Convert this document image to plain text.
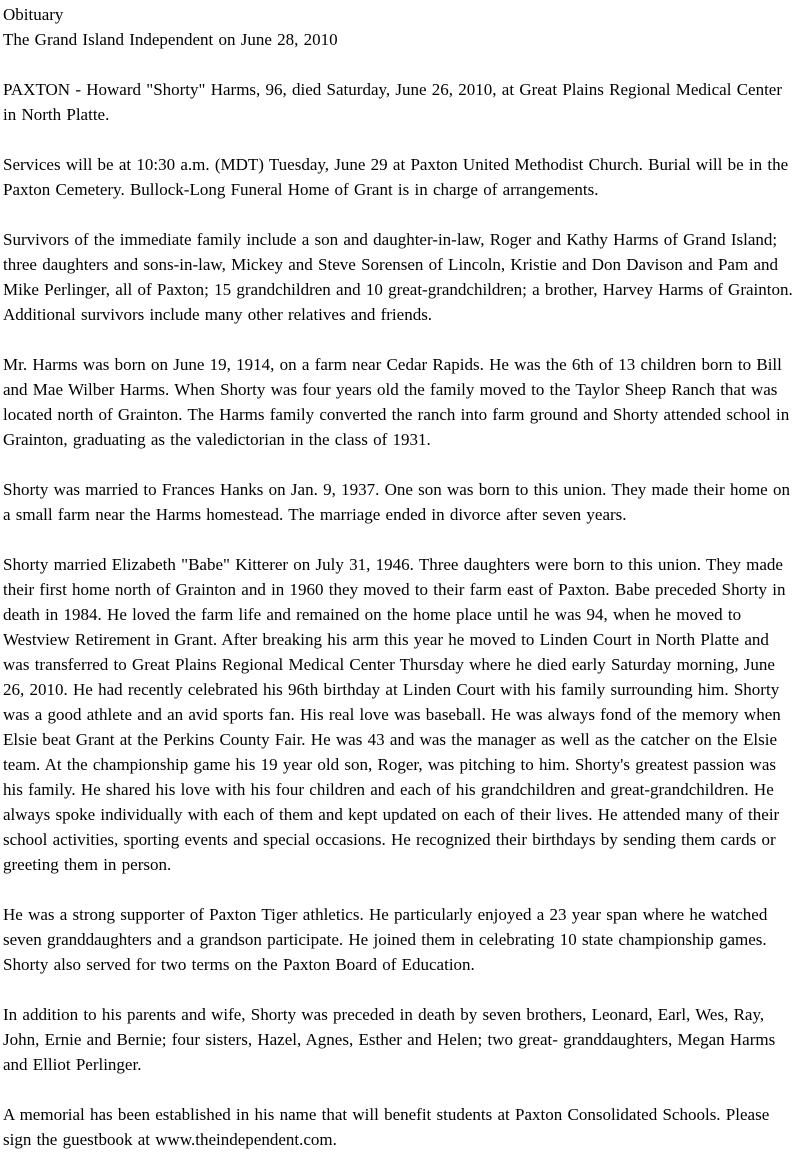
Obituary
The Grand Island Independent on June 28, 2010

PAXTON - Howard "Shorty" Harms, 96, died Saturday, June 26, 2010, at Great Plains Regional Medical Center in North Platte.

Services will be at 10:30 a.m. (MDT) Tuesday, June 29 at Paxton United Methodist Church. Burial will be in the Paxton Cemetery. Bullock-Long Funeral Home of Grant is in charge of arrangements.

Survivors of the immediate family include a son and daughter-in-law, Roger and Kathy Harms of Grand Island; three daughters and sons-in-law, Mickey and Steve Sorensen of Lincoln, Kristie and Don Davison and Pam and Mike Perlinger, all of Paxton; 15 grandchildren and 10 great-grandchildren; a brother, Harvey Harms of Grainton. Additional survivors include many other relatives and friends.

Mr. Harms was born on June 19, 1914, on a farm near Cedar Rapids. He was the 6th of 13 children born to Bill and Mae Wilber Harms. When Shorty was four years old the family moved to the Taylor Sheep Ranch that was located north of Grainton. The Harms family converted the ranch into farm ground and Shorty attended school in Grainton, graduating as the valedictorian in the class of 1931.

Shorty was married to Frances Hanks on Jan. 9, 1937. One son was born to this union. They made their home on a small farm near the Harms homestead. The marriage ended in divorce after seven years.

Shorty married Elizabeth "Babe" Kitterer on July 31, 1946. Three daughters were born to this union. They made their first home north of Grainton and in 1960 they moved to their farm east of Paxton. Babe preceded Shorty in death in 1984. He loved the farm life and remained on the home place until he was 94, when he moved to Westview Retirement in Grant. After breaking his arm this year he moved to Linden Court in North Platte and was transferred to Great Plains Regional Medical Center Thursday where he died early Saturday morning, June 26, 2010. He had recently celebrated his 96th birthday at Linden Court with his family surrounding him. Shorty was a good athlete and an avid sports fan. His real love was baseball. He was always fond of the memory when Elsie beat Grant at the Perkins County Fair. He was 43 and was the manager as well as the catcher on the Elsie team. At the championship game his 19 year old son, Roger, was pitching to him. Shorty's greatest passion was his family. He shared his love with his four children and each of his grandchildren and great-grandchildren. He always spoke individually with each of them and kept updated on each of their lives. He attended many of their school activities, sporting events and special occasions. He recognized their birthdays by sending them cards or greeting them in person.

He was a strong supporter of Paxton Tiger athletics. He particularly enjoyed a 23 year span where he watched seven granddaughters and a grandson participate. He joined them in celebrating 10 state championship games. Shorty also served for two terms on the Paxton Board of Education.

In addition to his parents and wife, Shorty was preceded in death by seven brothers, Leonard, Earl, Wes, Ray, John, Ernie and Bernie; four sisters, Hazel, Agnes, Esther and Helen; two great- granddaughters, Megan Harms and Elliot Perlinger.

A memorial has been established in his name that will benefit students at Paxton Consolidated Schools. Please sign the guestbook at www.theindependent.com.
